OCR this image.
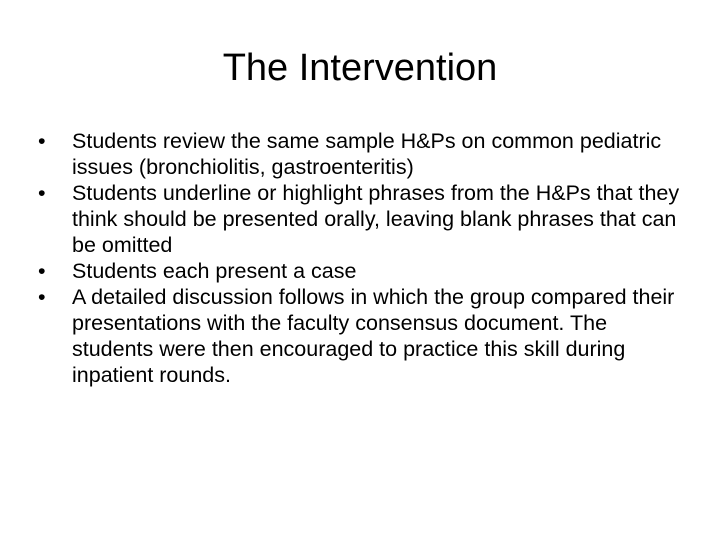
The Intervention
•	Students review the same sample H&Ps on common pediatric issues (bronchiolitis, gastroenteritis)
•	Students underline or highlight phrases from the H&Ps that they think should be presented orally, leaving blank phrases that can be omitted
•	Students each present a case
•	A detailed discussion follows in which the group compared their presentations with the faculty consensus document. The students were then encouraged to practice this skill during inpatient rounds.
